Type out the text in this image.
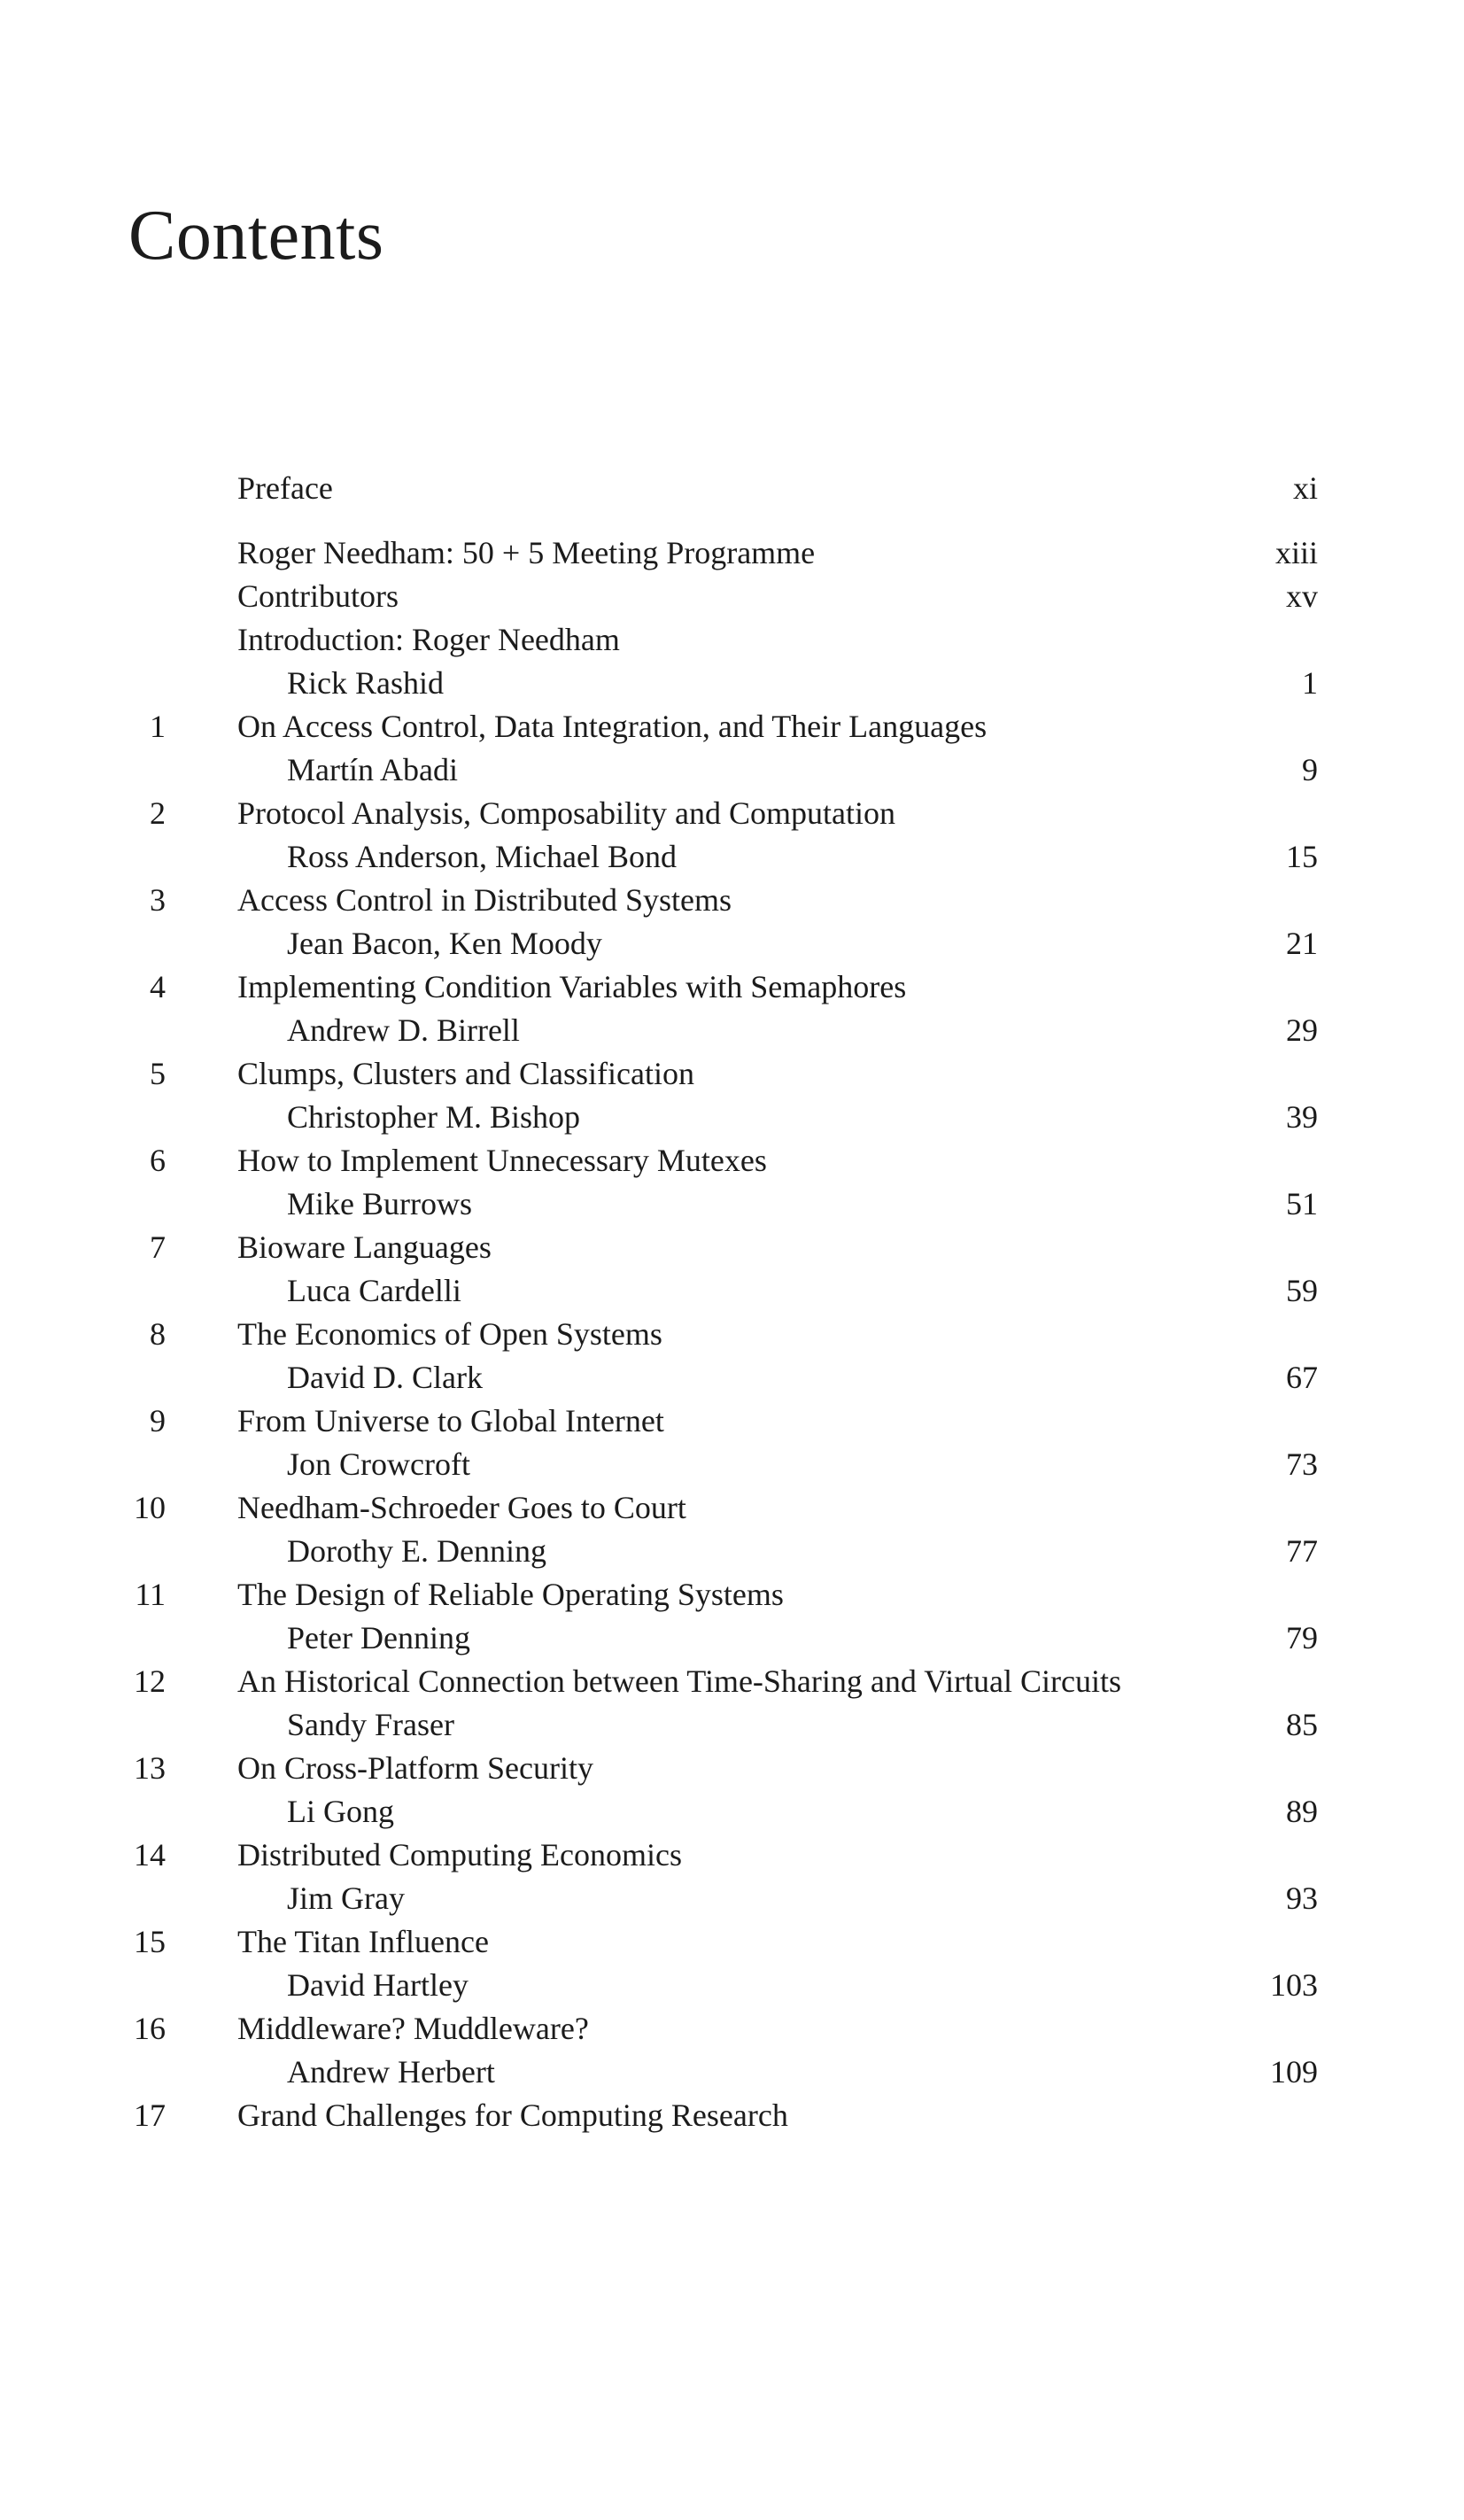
Contents
Preface	xi
Roger Needham: 50 + 5 Meeting Programme	xiii
Contributors	xv
Introduction: Roger Needham
Rick Rashid	1
1 On Access Control, Data Integration, and Their Languages
Martín Abadi	9
2 Protocol Analysis, Composability and Computation
Ross Anderson, Michael Bond	15
3 Access Control in Distributed Systems
Jean Bacon, Ken Moody	21
4 Implementing Condition Variables with Semaphores
Andrew D. Birrell	29
5 Clumps, Clusters and Classification
Christopher M. Bishop	39
6 How to Implement Unnecessary Mutexes
Mike Burrows	51
7 Bioware Languages
Luca Cardelli	59
8 The Economics of Open Systems
David D. Clark	67
9 From Universe to Global Internet
Jon Crowcroft	73
10 Needham-Schroeder Goes to Court
Dorothy E. Denning	77
11 The Design of Reliable Operating Systems
Peter Denning	79
12 An Historical Connection between Time-Sharing and Virtual Circuits
Sandy Fraser	85
13 On Cross-Platform Security
Li Gong	89
14 Distributed Computing Economics
Jim Gray	93
15 The Titan Influence
David Hartley	103
16 Middleware? Muddleware?
Andrew Herbert	109
17 Grand Challenges for Computing Research
